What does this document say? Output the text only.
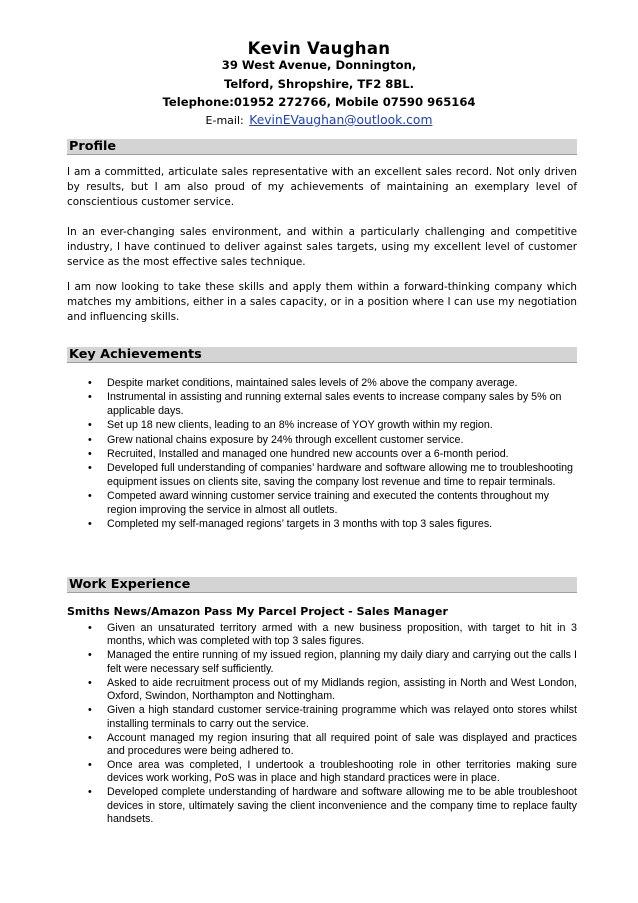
Kevin Vaughan
39 West Avenue, Donnington,
Telford, Shropshire, TF2 8BL.
Telephone:01952 272766, Mobile 07590 965164
E-mail: KevinEVaughan@outlook.com
Profile
I am a committed, articulate sales representative with an excellent sales record. Not only driven by results, but I am also proud of my achievements of maintaining an exemplary level of conscientious customer service.
In an ever-changing sales environment, and within a particularly challenging and competitive industry, I have continued to deliver against sales targets, using my excellent level of customer service as the most effective sales technique.
I am now looking to take these skills and apply them within a forward-thinking company which matches my ambitions, either in a sales capacity, or in a position where I can use my negotiation and influencing skills.
Key Achievements
• Despite market conditions, maintained sales levels of 2% above the company average.
• Instrumental in assisting and running external sales events to increase company sales by 5% on applicable days.
• Set up 18 new clients, leading to an 8% increase of YOY growth within my region.
• Grew national chains exposure by 24% through excellent customer service.
• Recruited, Installed and managed one hundred new accounts over a 6-month period.
• Developed full understanding of companies’ hardware and software allowing me to troubleshooting equipment issues on clients site, saving the company lost revenue and time to repair terminals.
• Competed award winning customer service training and executed the contents throughout my region improving the service in almost all outlets.
• Completed my self-managed regions’ targets in 3 months with top 3 sales figures.
Work Experience
Smiths News/Amazon Pass My Parcel Project - Sales Manager
• Given an unsaturated territory armed with a new business proposition, with target to hit in 3 months, which was completed with top 3 sales figures.
• Managed the entire running of my issued region, planning my daily diary and carrying out the calls I felt were necessary self sufficiently.
• Asked to aide recruitment process out of my Midlands region, assisting in North and West London, Oxford, Swindon, Northampton and Nottingham.
• Given a high standard customer service-training programme which was relayed onto stores whilst installing terminals to carry out the service.
• Account managed my region insuring that all required point of sale was displayed and practices and procedures were being adhered to.
• Once area was completed, I undertook a troubleshooting role in other territories making sure devices work working, PoS was in place and high standard practices were in place.
• Developed complete understanding of hardware and software allowing me to be able troubleshoot devices in store, ultimately saving the client inconvenience and the company time to replace faulty handsets.
